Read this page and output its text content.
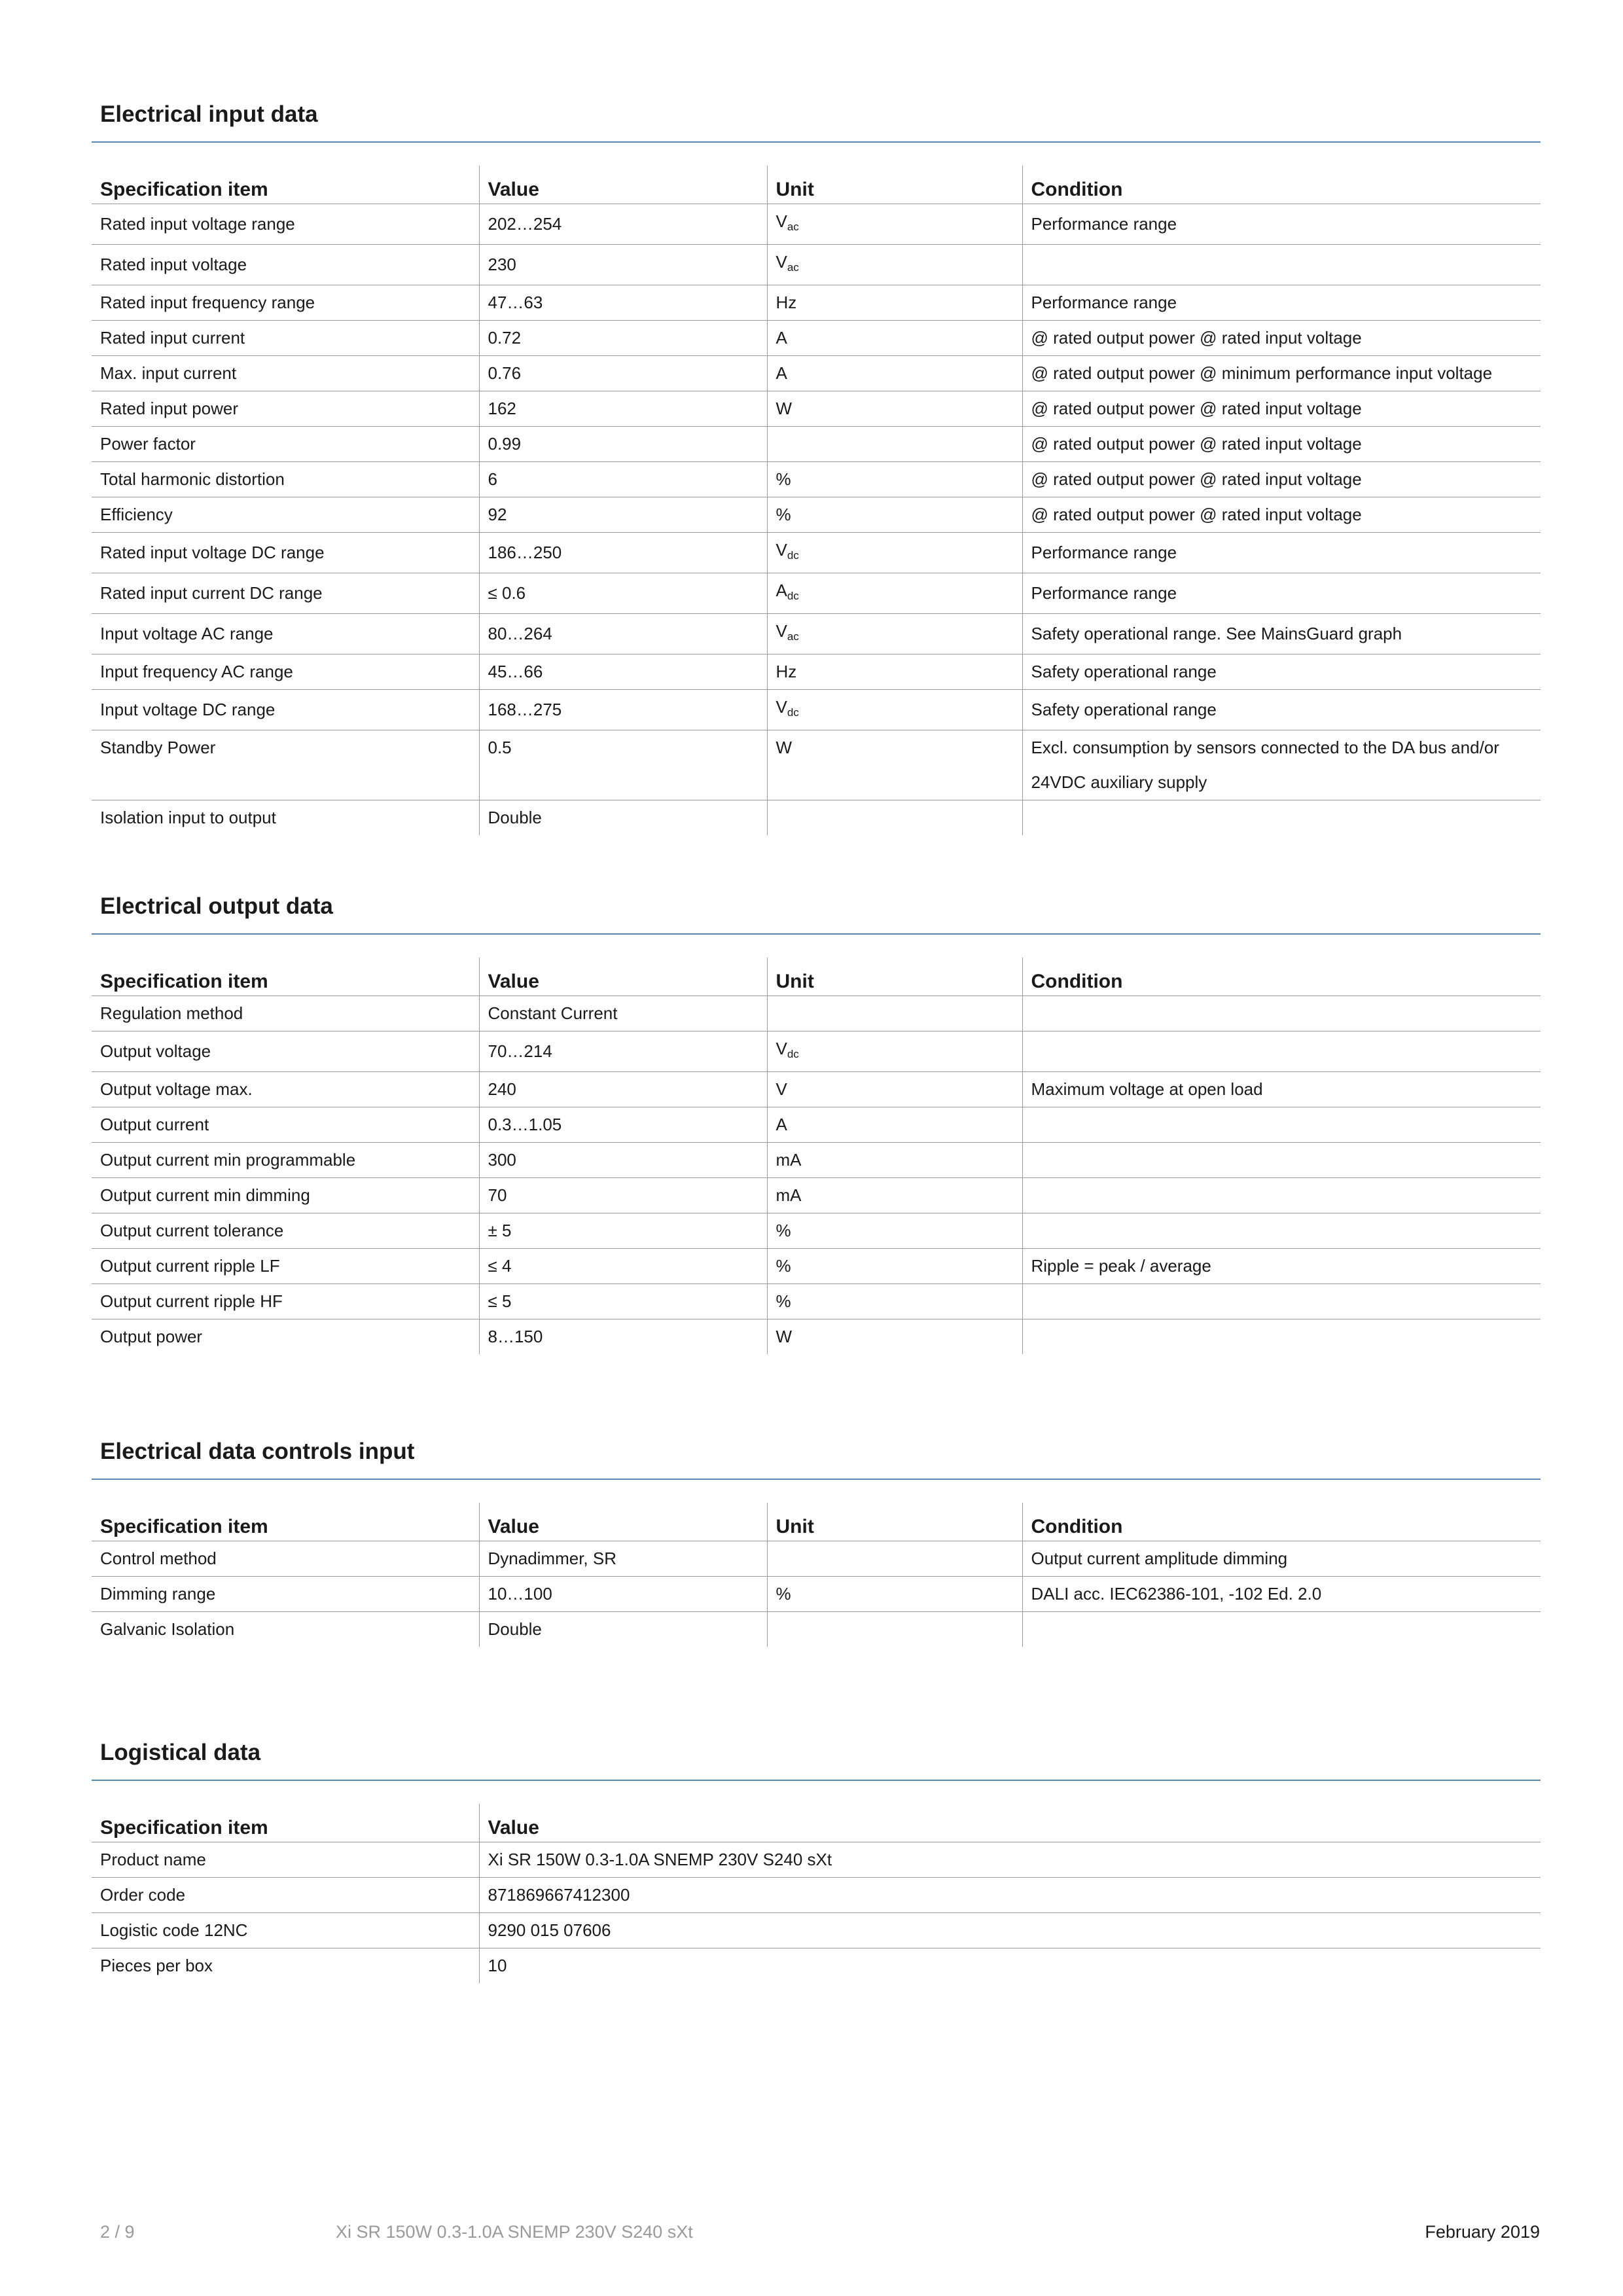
Electrical input data
Specification item	Value	Unit	Condition
Rated input voltage range	202…254	$V_{ac}$	Performance range

Rated input voltage	230	$V_{ac}$	

Rated input frequency range	47…63	Hz	Performance range

Rated input current	0.72	A	@ rated output power @ rated input voltage

Max. input current	0.76	A	@ rated output power @ minimum performance input voltage

Rated input power	162	W	@ rated output power @ rated input voltage

Power factor	0.99		@ rated output power @ rated input voltage

Total harmonic distortion	6	%	@ rated output power @ rated input voltage

Efficiency	92	%	@ rated output power @ rated input voltage

Rated input voltage DC range	186…250	$V_{dc}$	Performance range

Rated input current DC range	≤ 0.6	$A_{dc}$	Performance range

Input voltage AC range	80…264	$V_{ac}$	Safety operational range. See MainsGuard graph

Input frequency AC range	45…66	Hz	Safety operational range

Input voltage DC range	168…275	$V_{dc}$	Safety operational range

Standby Power	0.5	W	Excl. consumption by sensors connected to the DA bus and/or
24VDC auxiliary supply

Isolation input to output	Double		
Electrical output data
Specification item	Value	Unit	Condition
Regulation method	Constant Current		

Output voltage	70…214	$V_{dc}$	

Output voltage max.	240	V	Maximum voltage at open load

Output current	0.3…1.05	A	

Output current min programmable	300	mA	

Output current min dimming	70	mA	

Output current tolerance	± 5	%	

Output current ripple LF	≤ 4	%	Ripple = peak / average

Output current ripple HF	≤ 5	%	

Output power	8…150	W	
Electrical data controls input
Specification item	Value	Unit	Condition
Control method	Dynadimmer, SR		Output current amplitude dimming

Dimming range	10…100	%	DALI acc. IEC62386-101, -102 Ed. 2.0

Galvanic Isolation	Double		
Logistical data
Specification item	Value
Product name	Xi SR 150W 0.3-1.0A SNEMP 230V S240 sXt
Order code	871869667412300
Logistic code 12NC	9290 015 07606
Pieces per box	10
2 / 9	Xi SR 150W 0.3-1.0A SNEMP 230V S240 sXt	February 2019
